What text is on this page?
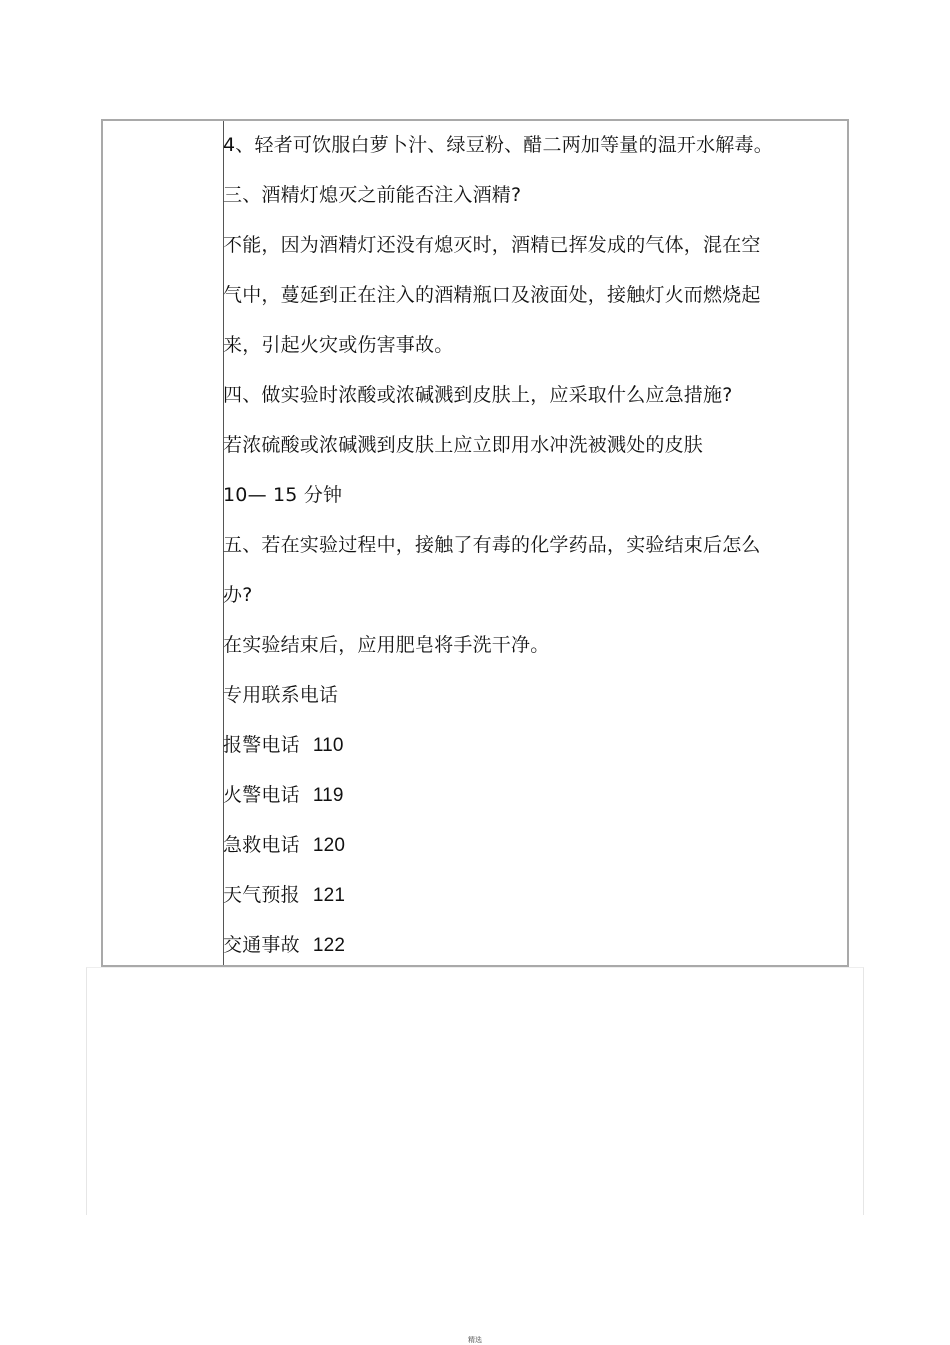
4、轻者可饮服白萝卜汁、绿豆粉、醋二两加等量的温开水解毒。
三、酒精灯熄灭之前能否注入酒精?
不能，因为酒精灯还没有熄灭时，酒精已挥发成的气体，混在空
气中，蔓延到正在注入的酒精瓶口及液面处，接触灯火而燃烧起
来，引起火灾或伤害事故。
四、做实验时浓酸或浓碱溅到皮肤上，应采取什么应急措施?
若浓硫酸或浓碱溅到皮肤上应立即用水冲洗被溅处的皮肤
10— 15 分钟
五、若在实验过程中，接触了有毒的化学药品，实验结束后怎么
办?
在实验结束后，应用肥皂将手洗干净。
专用联系电话
报警电话 110
火警电话 119
急救电话 120
天气预报 121
交通事故 122
精选
